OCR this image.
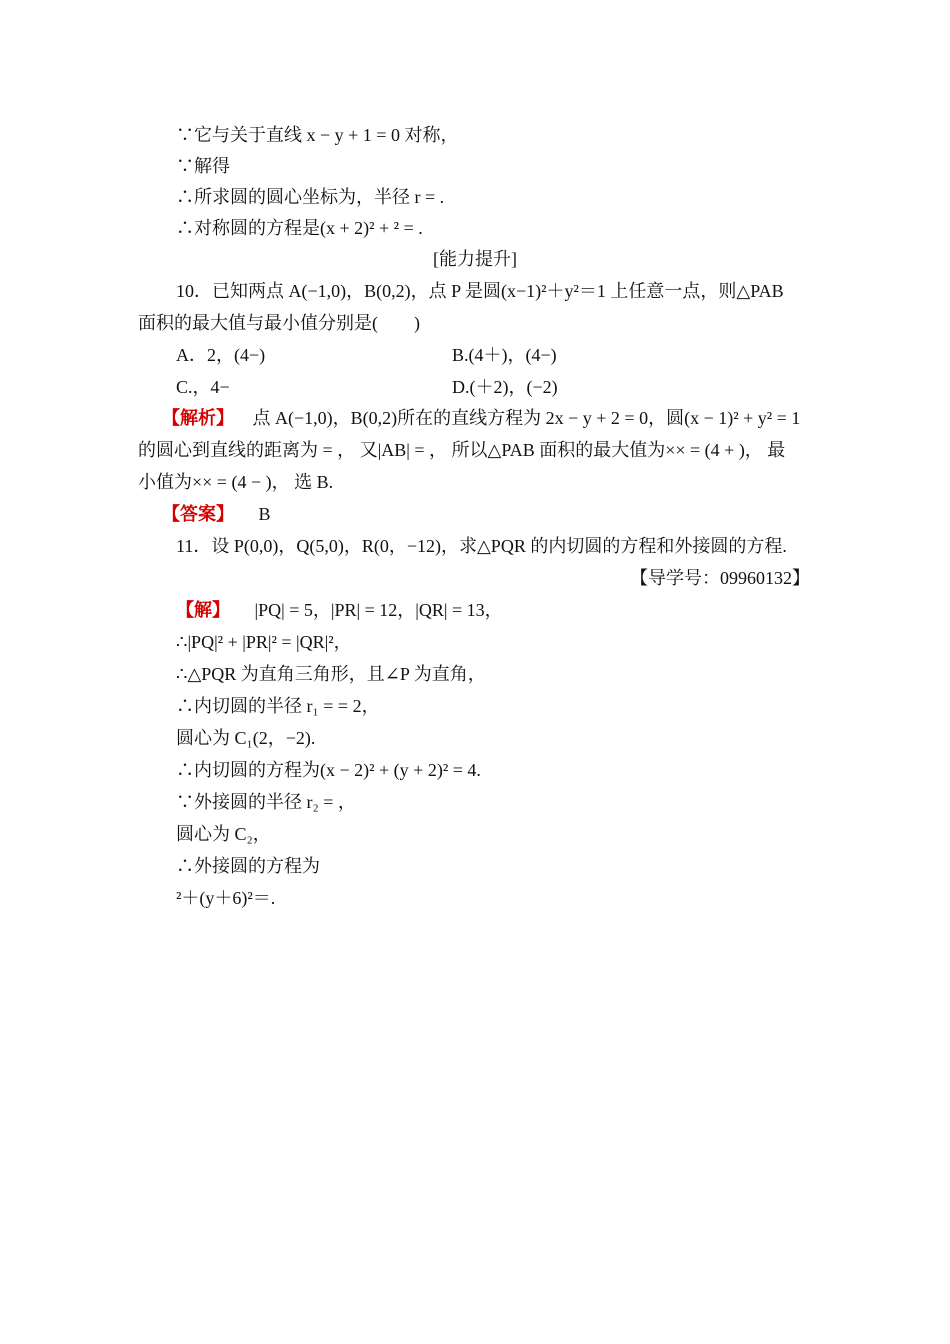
∵它与关于直线 x − y + 1 = 0 对称，
∵解得
∴所求圆的圆心坐标为，半径 r = .
∴对称圆的方程是(x + 2)² + ² = .
[能力提升]
10．已知两点 A(−1,0)，B(0,2)，点 P 是圆(x−1)²＋y²＝1 上任意一点，则△PAB
面积的最大值与最小值分别是(　　)
A．2，(4−)	B.(4＋)，(4−)
C.，4−	D.(＋2)，(−2)
【解析】 点 A(−1,0)，B(0,2)所在的直线方程为 2x − y + 2 = 0，圆(x − 1)² + y² = 1
的圆心到直线的距离为 = ， 又|AB| = ， 所以△PAB 面积的最大值为×× = (4 + )， 最
小值为×× = (4 − )， 选 B.
【答案】 B
11．设 P(0,0)，Q(5,0)，R(0，−12)，求△PQR 的内切圆的方程和外接圆的方程.
【导学号：09960132】
【解】 |PQ| = 5，|PR| = 12，|QR| = 13，
∴|PQ|² + |PR|² = |QR|²，
∴△PQR 为直角三角形，且∠P 为直角，
∴内切圆的半径 r₁ = = 2，
圆心为 C₁(2，−2).
∴内切圆的方程为(x − 2)² + (y + 2)² = 4.
∵外接圆的半径 r₂ = ，
圆心为 C₂，
∴外接圆的方程为
²＋(y＋6)²＝.
